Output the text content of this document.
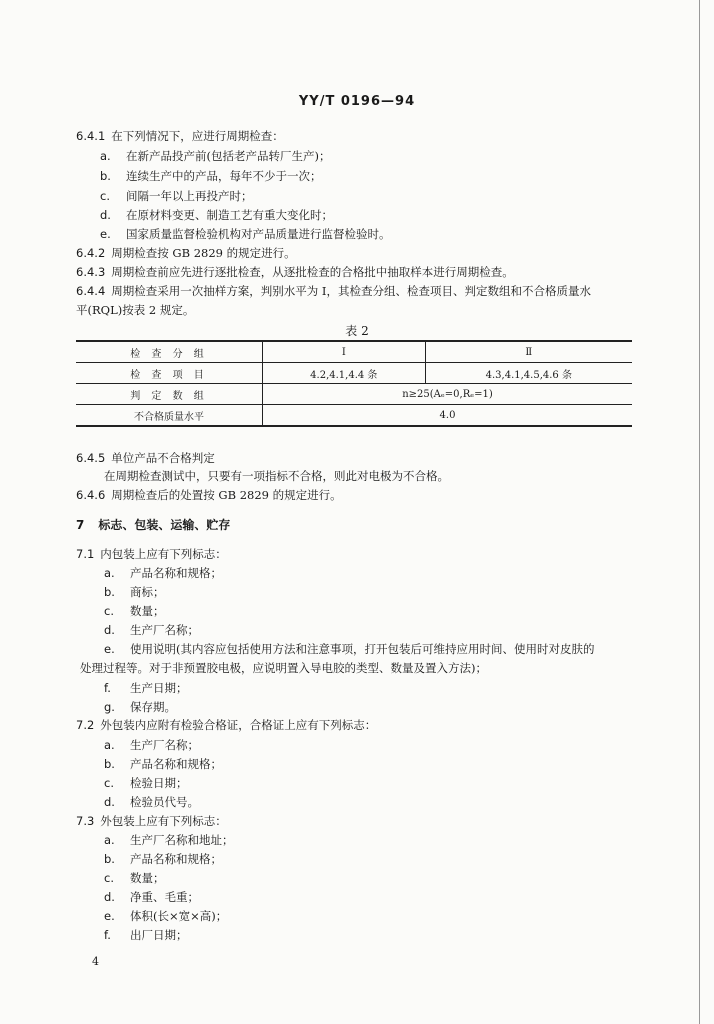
YY/T 0196—94
6.4.1 在下列情况下，应进行周期检查：
a. 在新产品投产前(包括老产品转厂生产)；
b. 连续生产中的产品，每年不少于一次；
c. 间隔一年以上再投产时；
d. 在原材料变更、制造工艺有重大变化时；
e. 国家质量监督检验机构对产品质量进行监督检验时。
6.4.2 周期检查按 GB 2829 的规定进行。
6.4.3 周期检查前应先进行逐批检查，从逐批检查的合格批中抽取样本进行周期检查。
6.4.4 周期检查采用一次抽样方案，判别水平为 Ⅰ，其检查分组、检查项目、判定数组和不合格质量水
平(RQL)按表 2 规定。
表 2
检 查 分 组	Ⅰ	Ⅱ
检 查 项 目	4.2,4.1,4.4 条	4.3,4.1,4.5,4.6 条
判 定 数 组	n≥25(Aₑ=0,Rₑ=1)	
不合格质量水平	4.0	
6.4.5 单位产品不合格判定
在周期检查测试中，只要有一项指标不合格，则此对电极为不合格。
6.4.6 周期检查后的处置按 GB 2829 的规定进行。
7 标志、包装、运输、贮存
7.1 内包装上应有下列标志：
a. 产品名称和规格；
b. 商标；
c. 数量；
d. 生产厂名称；
e. 使用说明(其内容应包括使用方法和注意事项，打开包装后可维持应用时间、使用时对皮肤的
处理过程等。对于非预置胶电极，应说明置入导电胶的类型、数量及置入方法)；
f. 生产日期；
g. 保存期。
7.2 外包装内应附有检验合格证，合格证上应有下列标志：
a. 生产厂名称；
b. 产品名称和规格；
c. 检验日期；
d. 检验员代号。
7.3 外包装上应有下列标志：
a. 生产厂名称和地址；
b. 产品名称和规格；
c. 数量；
d. 净重、毛重；
e. 体积(长×宽×高)；
f. 出厂日期；
4
